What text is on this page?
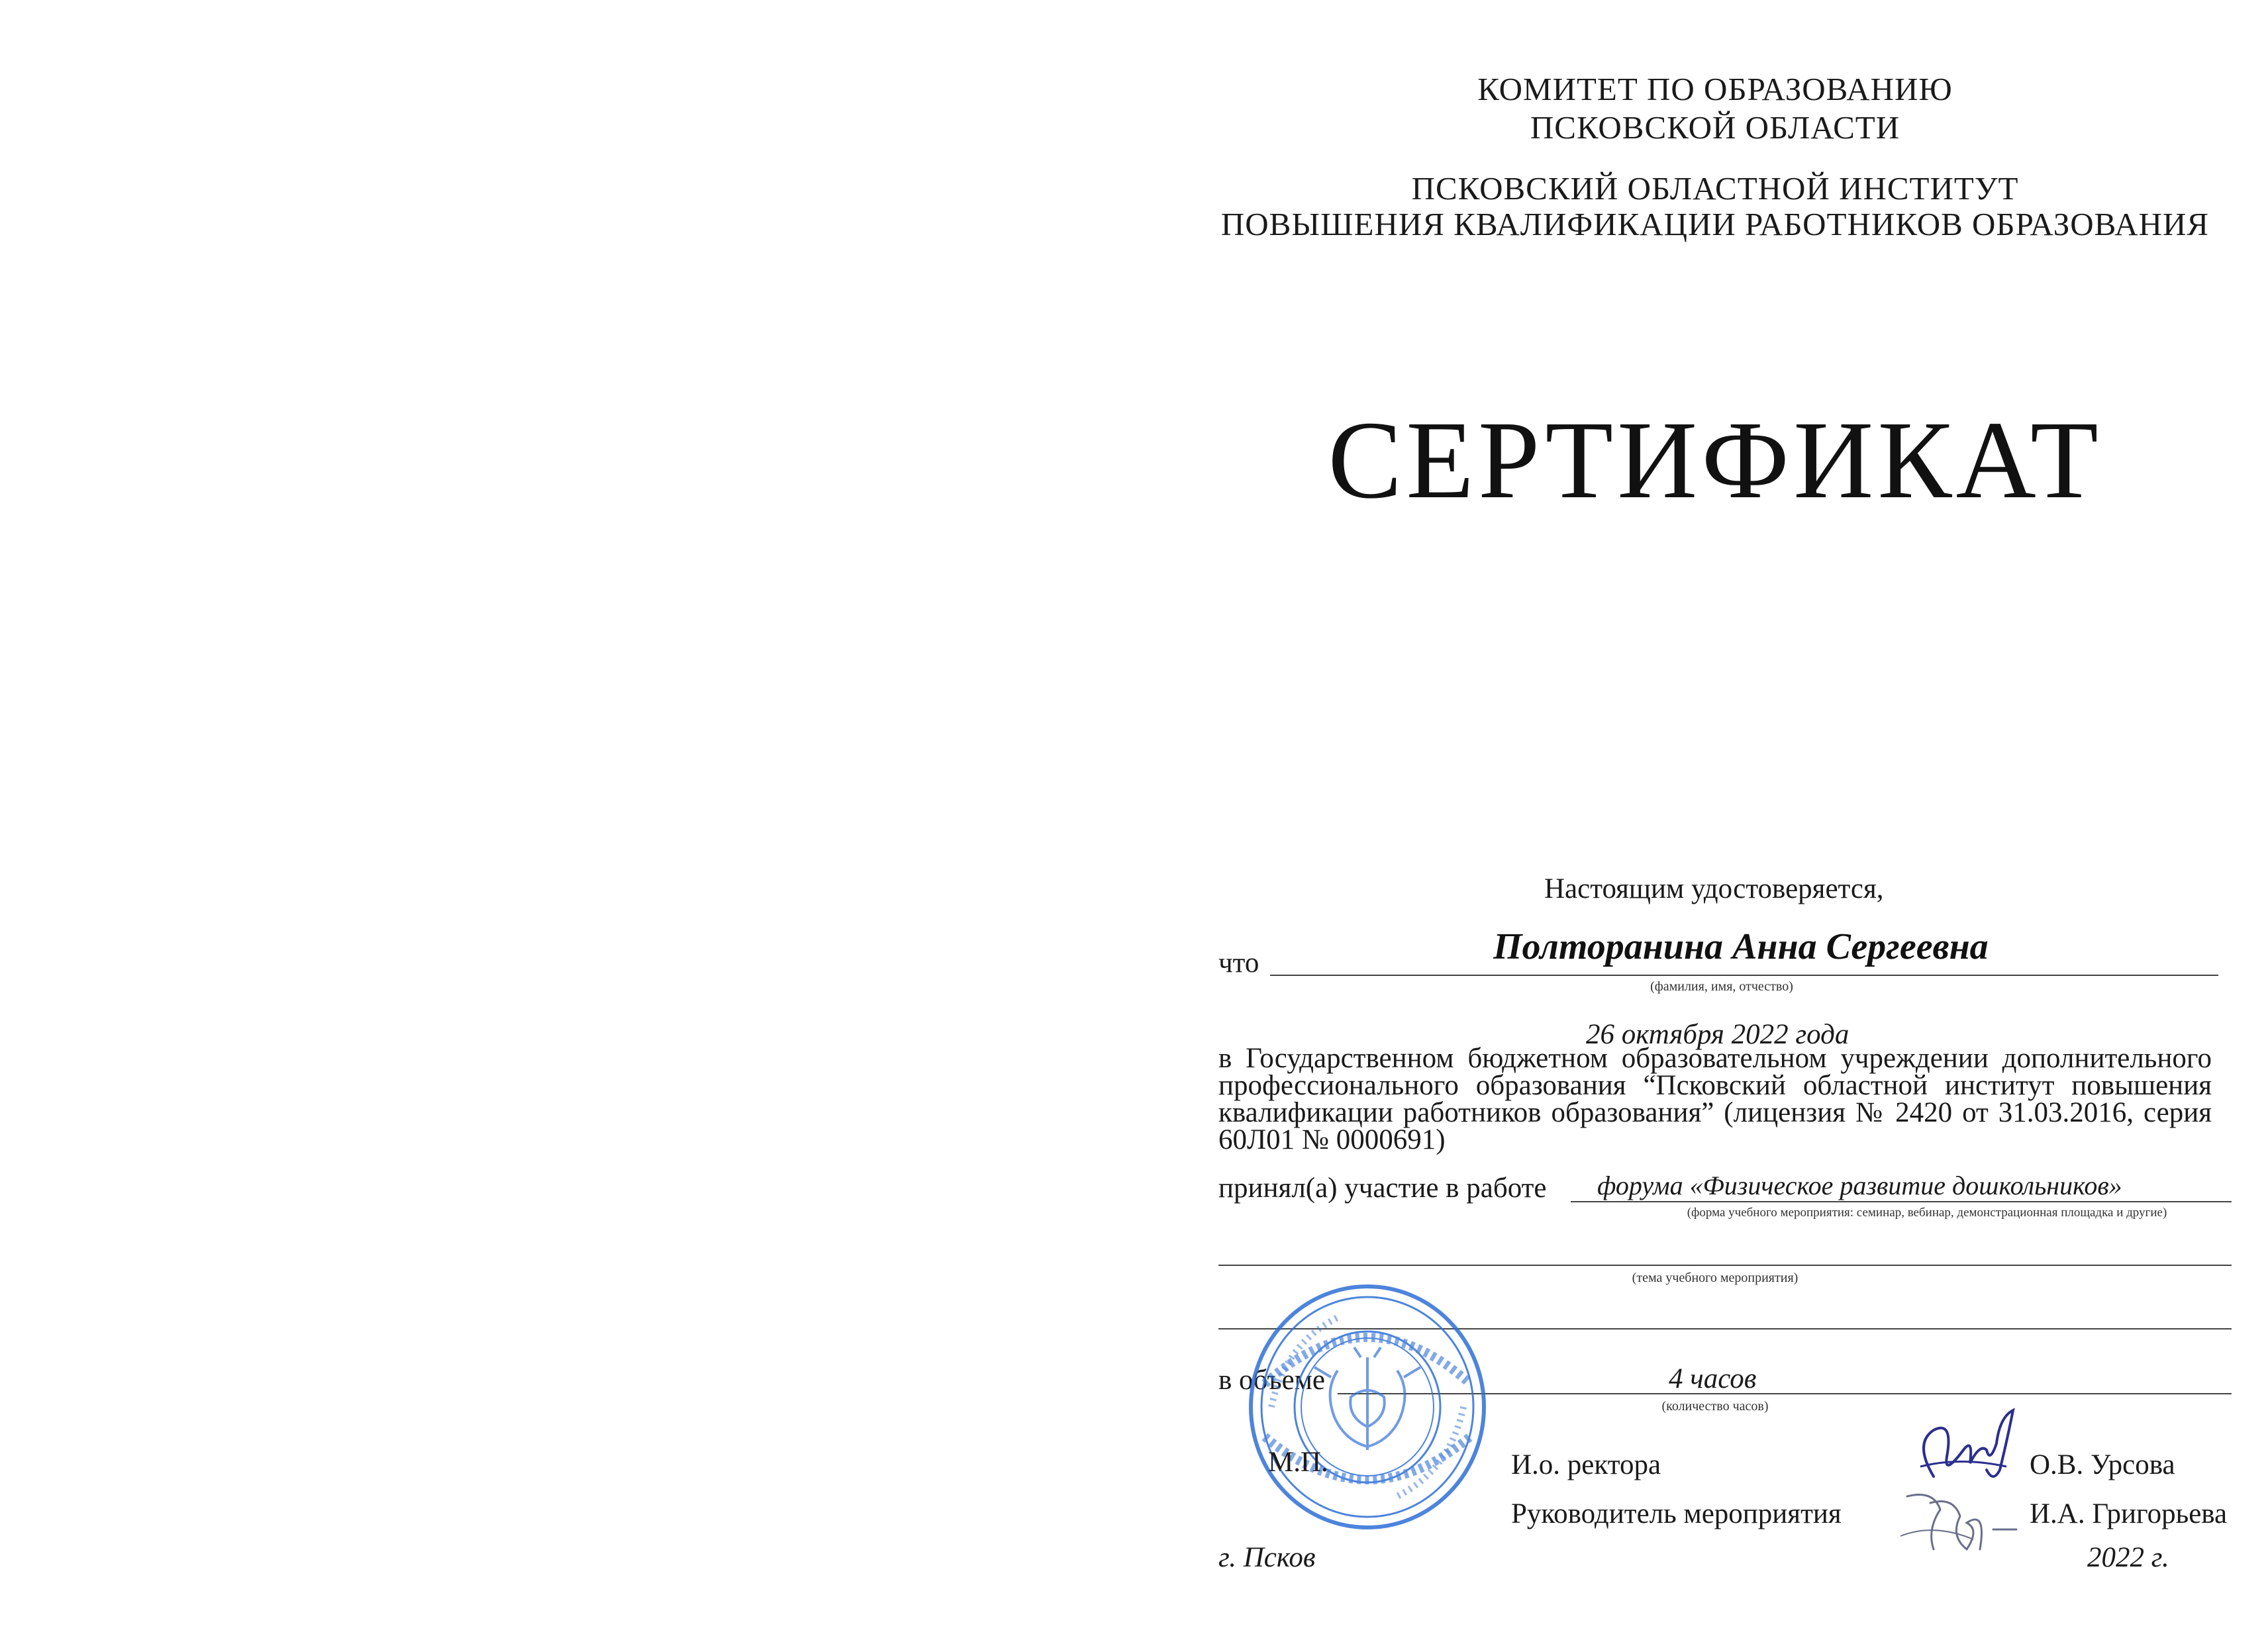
КОМИТЕТ ПО ОБРАЗОВАНИЮ
ПСКОВСКОЙ ОБЛАСТИ
ПСКОВСКИЙ ОБЛАСТНОЙ ИНСТИТУТ
ПОВЫШЕНИЯ КВАЛИФИКАЦИИ РАБОТНИКОВ ОБРАЗОВАНИЯ
СЕРТИФИКАТ
Настоящим удостоверяется,
что	Полторанина Анна Сергеевна
(фамилия, имя, отчество)
26 октября 2022 года
в Государственном бюджетном образовательном учреждении дополнительного профессионального образования “Псковский областной институт повышения квалификации работников образования” (лицензия № 2420 от 31.03.2016, серия 60Л01 № 0000691)
принял(а) участие в работе форума «Физическое развитие дошкольников»
(форма учебного мероприятия: семинар, вебинар, демонстрационная площадка и другие)
(тема учебного мероприятия)
в объеме	4 часов
(количество часов)
М.П.	И.о. ректора	О.В. Урсова
Руководитель мероприятия	И.А. Григорьева
г. Псков	2022 г.
